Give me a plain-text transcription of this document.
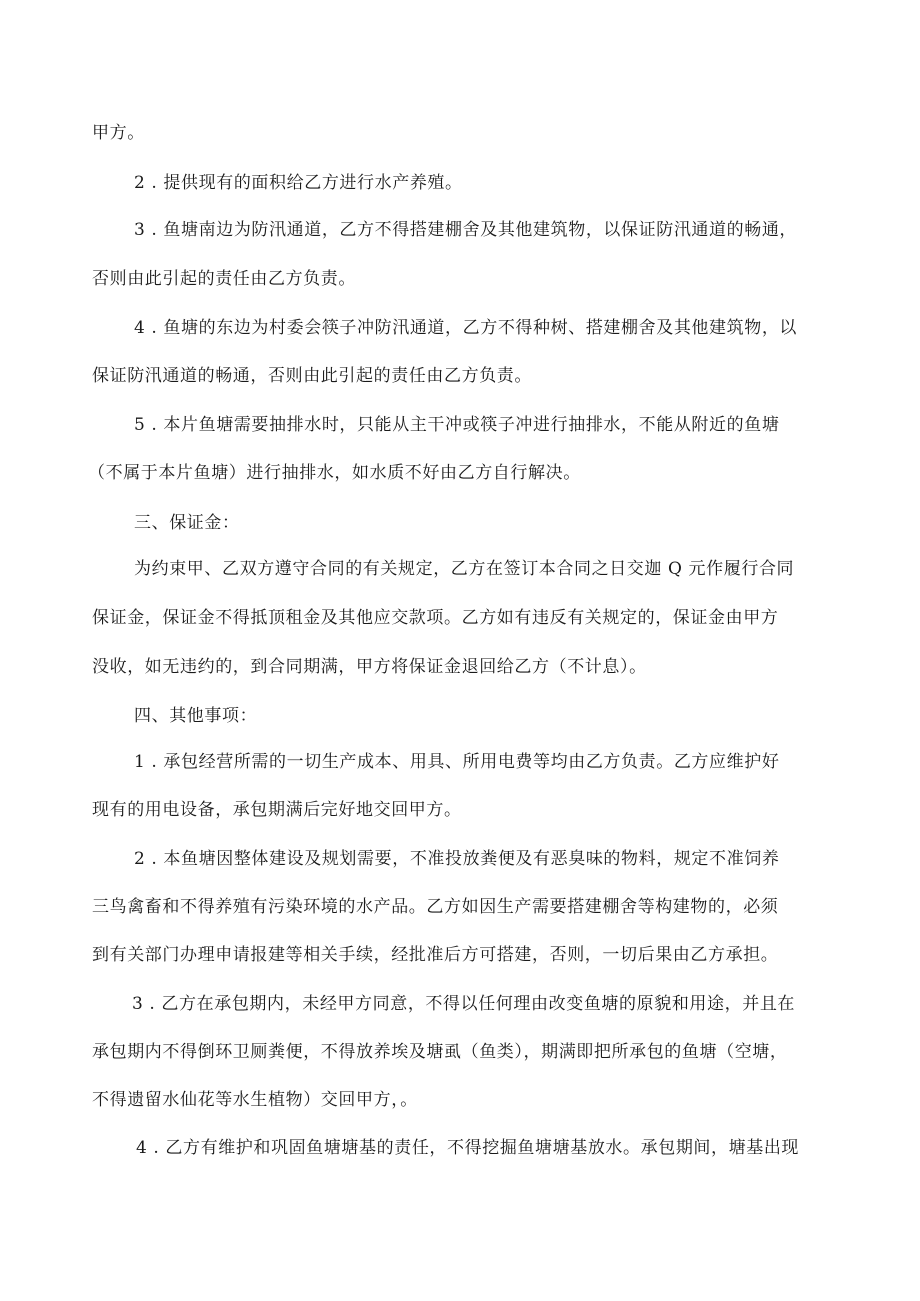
甲方。
2 . 提供现有的面积给乙方进行水产养殖。
3 . 鱼塘南边为防汛通道，乙方不得搭建棚舍及其他建筑物，以保证防汛通道的畅通，
否则由此引起的责任由乙方负责。
4 . 鱼塘的东边为村委会筷子冲防汛通道，乙方不得种树、搭建棚舍及其他建筑物，以
保证防汛通道的畅通，否则由此引起的责任由乙方负责。
5 . 本片鱼塘需要抽排水时，只能从主干冲或筷子冲进行抽排水，不能从附近的鱼塘
（不属于本片鱼塘）进行抽排水，如水质不好由乙方自行解决。
三、保证金：
为约束甲、乙双方遵守合同的有关规定，乙方在签订本合同之日交迦 Q 元作履行合同
保证金，保证金不得抵顶租金及其他应交款项。乙方如有违反有关规定的，保证金由甲方
没收，如无违约的，到合同期满，甲方将保证金退回给乙方（不计息）。
四、其他事项：
1 . 承包经营所需的一切生产成本、用具、所用电费等均由乙方负责。乙方应维护好
现有的用电设备，承包期满后完好地交回甲方。
2 . 本鱼塘因整体建设及规划需要，不准投放粪便及有恶臭味的物料，规定不准饲养
三鸟禽畜和不得养殖有污染环境的水产品。乙方如因生产需要搭建棚舍等构建物的，必须
到有关部门办理申请报建等相关手续，经批准后方可搭建，否则，一切后果由乙方承担。
3 . 乙方在承包期内，未经甲方同意，不得以任何理由改变鱼塘的原貌和用途，并且在
承包期内不得倒环卫厕粪便，不得放养埃及塘虱（鱼类），期满即把所承包的鱼塘（空塘，
不得遗留水仙花等水生植物）交回甲方，。
4 . 乙方有维护和巩固鱼塘塘基的责任，不得挖掘鱼塘塘基放水。承包期间，塘基出现
